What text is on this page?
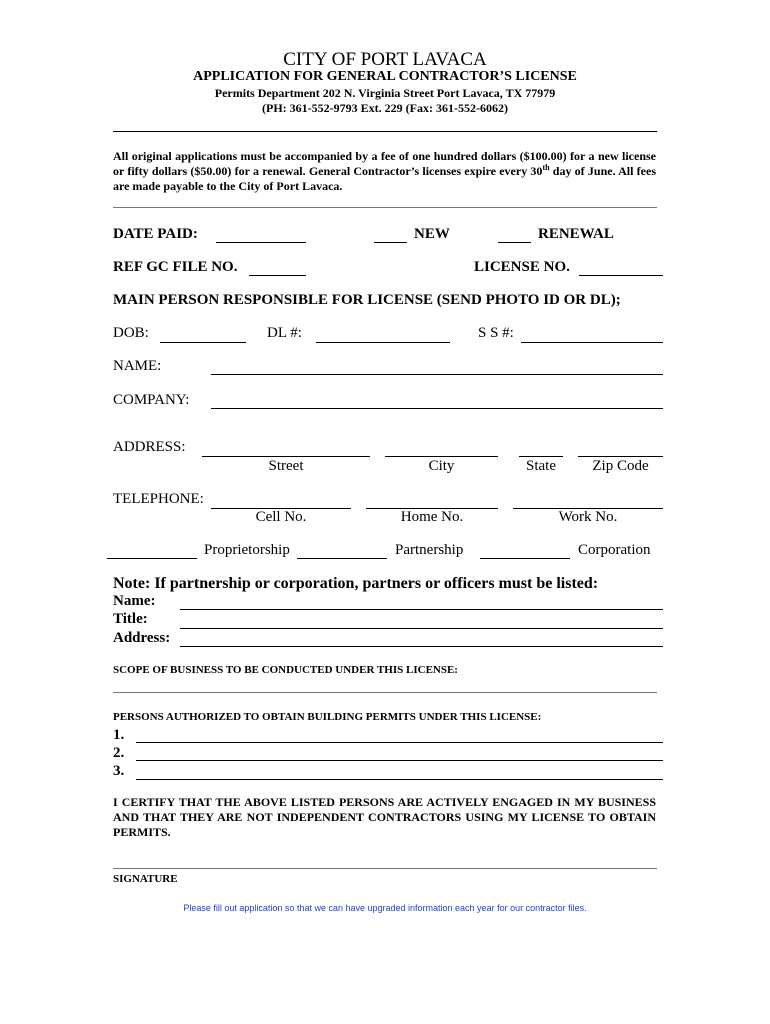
CITY OF PORT LAVACA
APPLICATION FOR GENERAL CONTRACTOR’S LICENSE
Permits Department 202 N. Virginia Street Port Lavaca, TX 77979
(PH: 361-552-9793 Ext. 229 (Fax: 361-552-6062)
All original applications must be accompanied by a fee of one hundred dollars ($100.00) for a new license or fifty dollars ($50.00) for a renewal. General Contractor’s licenses expire every 30th day of June. All fees are made payable to the City of Port Lavaca.
DATE PAID:	NEW	RENEWAL
REF GC FILE NO.	LICENSE NO.
MAIN PERSON RESPONSIBLE FOR LICENSE (SEND PHOTO ID OR DL);
DOB:	DL #:	S S #:
NAME:
COMPANY:
ADDRESS:
Street	City	State	Zip Code
TELEPHONE:
Cell No.	Home No.	Work No.
Proprietorship	Partnership	Corporation
Note: If partnership or corporation, partners or officers must be listed:
Name:
Title:
Address:
SCOPE OF BUSINESS TO BE CONDUCTED UNDER THIS LICENSE:
PERSONS AUTHORIZED TO OBTAIN BUILDING PERMITS UNDER THIS LICENSE:
1.
2.
3.
I CERTIFY THAT THE ABOVE LISTED PERSONS ARE ACTIVELY ENGAGED IN MY BUSINESS AND THAT THEY ARE NOT INDEPENDENT CONTRACTORS USING MY LICENSE TO OBTAIN PERMITS.
SIGNATURE
Please fill out application so that we can have upgraded information each year for our contractor files.
